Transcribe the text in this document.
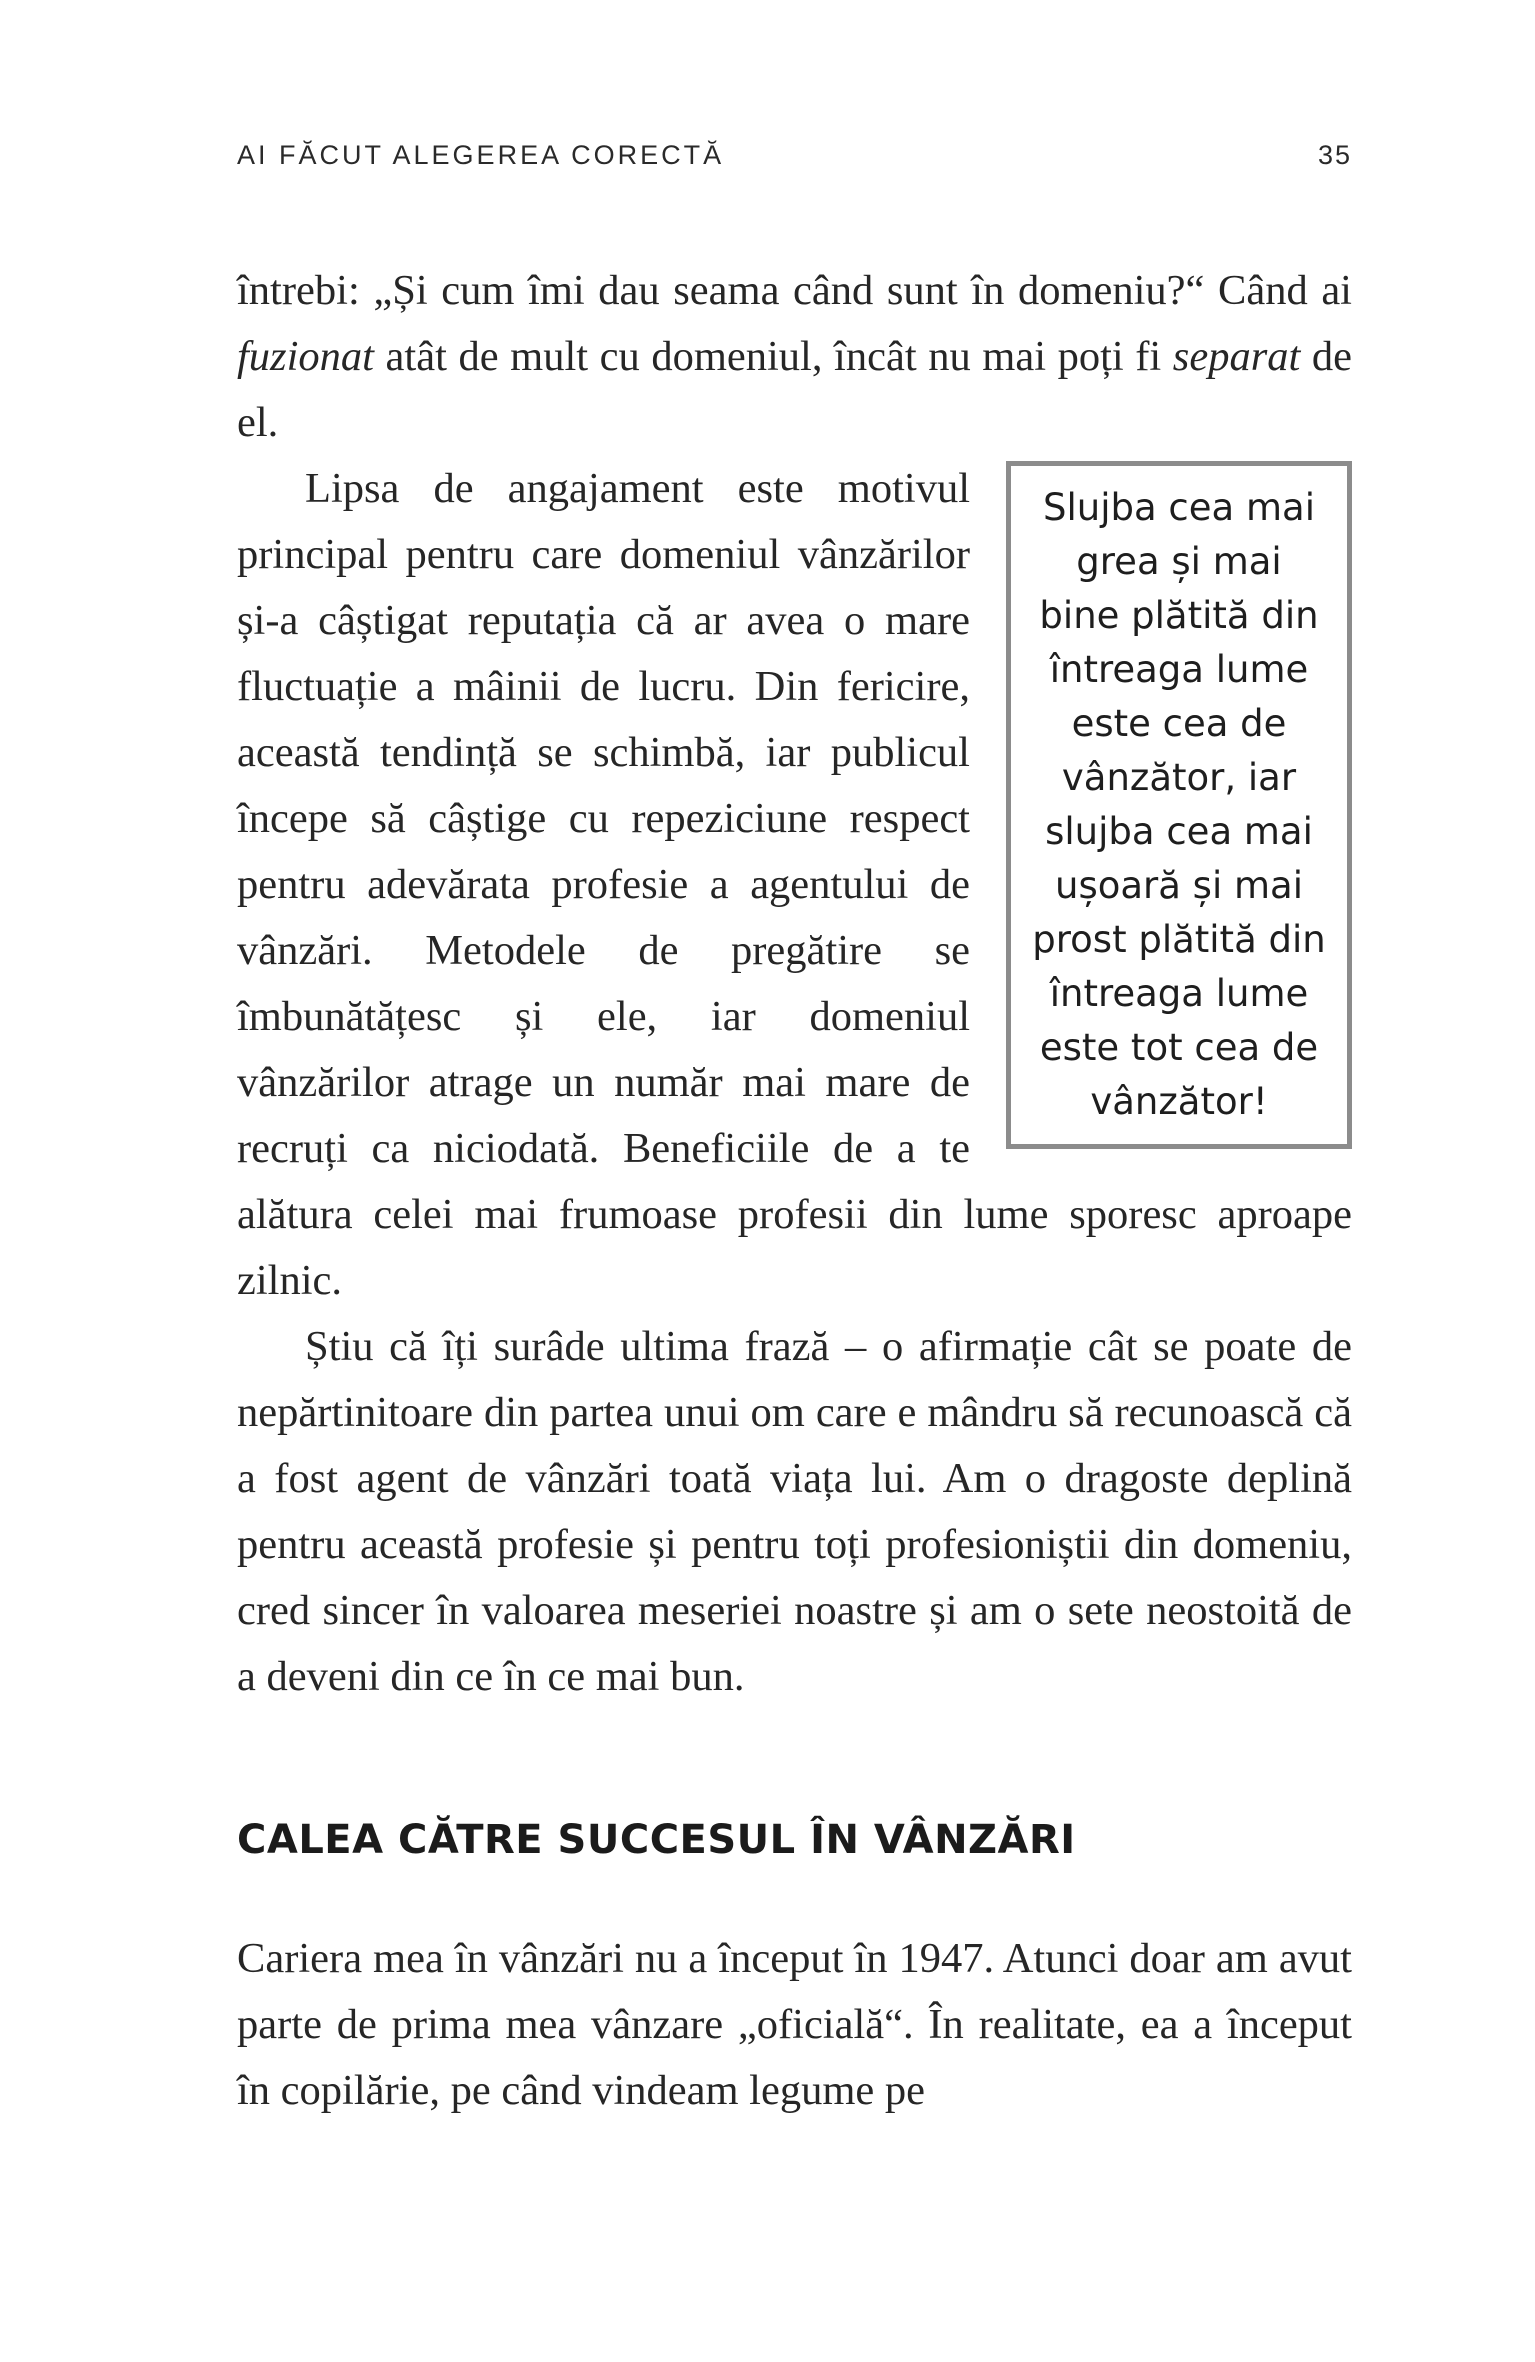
AI FĂCUT ALEGEREA CORECTĂ	35

întrebi: „Și cum îmi dau seama când sunt în domeniu?“ Când ai fuzionat atât de mult cu domeniul, încât nu mai poți fi separat de el.

Slujba cea mai grea și mai bine plătită din întreaga lume este cea de vânzător, iar slujba cea mai ușoară și mai prost plătită din întreaga lume este tot cea de vânzător!

Lipsa de angajament este motivul principal pentru care domeniul vânzărilor și-a câștigat reputația că ar avea o mare fluctuație a mâinii de lucru. Din fericire, această tendință se schimbă, iar publicul începe să câștige cu repeziciune respect pentru adevărata profesie a agentului de vânzări. Metodele de pregătire se îmbunătățesc și ele, iar domeniul vânzărilor atrage un număr mai mare de recruți ca niciodată. Beneficiile de a te alătura celei mai frumoase profesii din lume sporesc aproape zilnic.

Știu că îți surâde ultima frază – o afirmație cât se poate de nepărtinitoare din partea unui om care e mândru să recunoască că a fost agent de vânzări toată viața lui. Am o dragoste deplină pentru această profesie și pentru toți profesioniștii din domeniu, cred sincer în valoarea meseriei noastre și am o sete neostoită de a deveni din ce în ce mai bun.

CALEA CĂTRE SUCCESUL ÎN VÂNZĂRI

Cariera mea în vânzări nu a început în 1947. Atunci doar am avut parte de prima mea vânzare „oficială“. În realitate, ea a început în copilărie, pe când vindeam legume pe
